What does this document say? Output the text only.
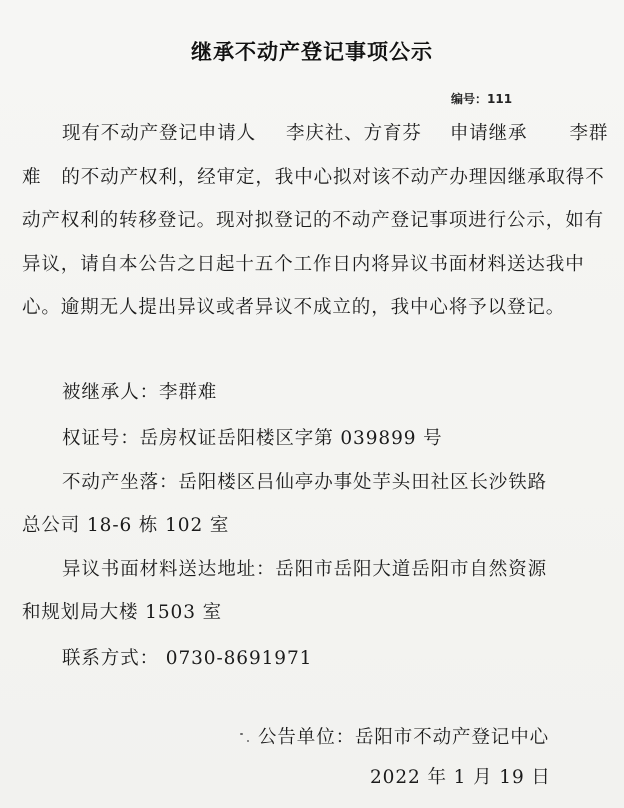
继承不动产登记事项公示
编号：111
现有不动产登记申请人 李庆社、方育芬 申请继承 李群难 的不动产权利，经审定，我中心拟对该不动产办理因继承取得不动产权利的转移登记。现对拟登记的不动产登记事项进行公示，如有异议，请自本公告之日起十五个工作日内将异议书面材料送达我中心。逾期无人提出异议或者异议不成立的，我中心将予以登记。
被继承人：李群难
权证号：岳房权证岳阳楼区字第 039899 号
不动产坐落：岳阳楼区吕仙亭办事处芋头田社区长沙铁路
总公司 18-6 栋 102 室
异议书面材料送达地址：岳阳市岳阳大道岳阳市自然资源
和规划局大楼 1503 室
联系方式： 0730-8691971
公告单位：岳阳市不动产登记中心
2022 年 1 月 19 日
